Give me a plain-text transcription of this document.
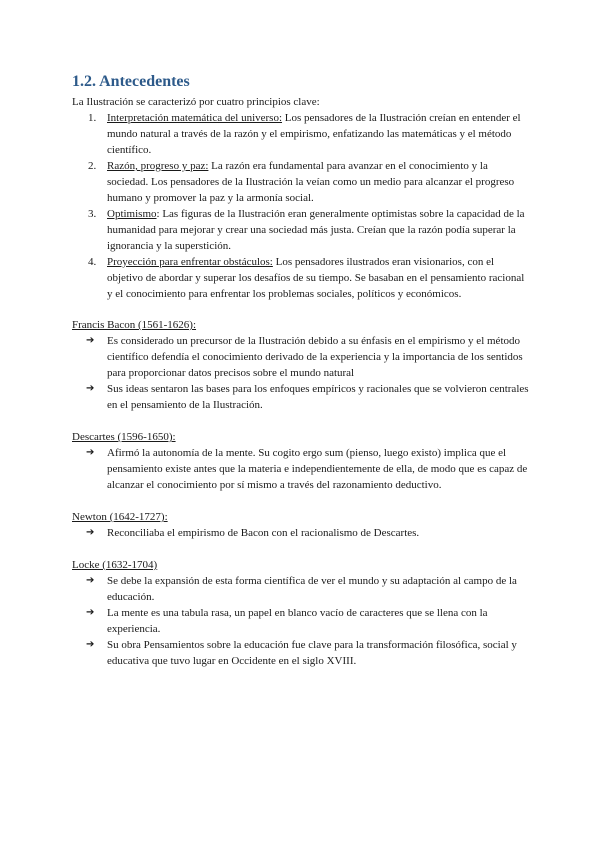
1.2. Antecedentes

La Ilustración se caracterizó por cuatro principios clave:

1. Interpretación matemática del universo: Los pensadores de la Ilustración creían en entender el mundo natural a través de la razón y el empirismo, enfatizando las matemáticas y el método científico.
2. Razón, progreso y paz: La razón era fundamental para avanzar en el conocimiento y la sociedad. Los pensadores de la Ilustración la veían como un medio para alcanzar el progreso humano y promover la paz y la armonía social.
3. Optimismo: Las figuras de la Ilustración eran generalmente optimistas sobre la capacidad de la humanidad para mejorar y crear una sociedad más justa. Creían que la razón podía superar la ignorancia y la superstición.
4. Proyección para enfrentar obstáculos: Los pensadores ilustrados eran visionarios, con el objetivo de abordar y superar los desafíos de su tiempo. Se basaban en el pensamiento racional y el conocimiento para enfrentar los problemas sociales, políticos y económicos.

Francis Bacon (1561-1626):

➔ Es considerado un precursor de la Ilustración debido a su énfasis en el empirismo y el método científico defendía el conocimiento derivado de la experiencia y la importancia de los sentidos para proporcionar datos precisos sobre el mundo natural
➔ Sus ideas sentaron las bases para los enfoques empíricos y racionales que se volvieron centrales en el pensamiento de la Ilustración.

Descartes (1596-1650):

➔ Afirmó la autonomía de la mente. Su cogito ergo sum (pienso, luego existo) implica que el pensamiento existe antes que la materia e independientemente de ella, de modo que es capaz de alcanzar el conocimiento por sí mismo a través del razonamiento deductivo.

Newton (1642-1727):

➔ Reconciliaba el empirismo de Bacon con el racionalismo de Descartes.

Locke (1632-1704)

➔ Se debe la expansión de esta forma científica de ver el mundo y su adaptación al campo de la educación.
➔ La mente es una tabula rasa, un papel en blanco vacío de caracteres que se llena con la experiencia.
➔ Su obra Pensamientos sobre la educación fue clave para la transformación filosófica, social y educativa que tuvo lugar en Occidente en el siglo XVIII.
